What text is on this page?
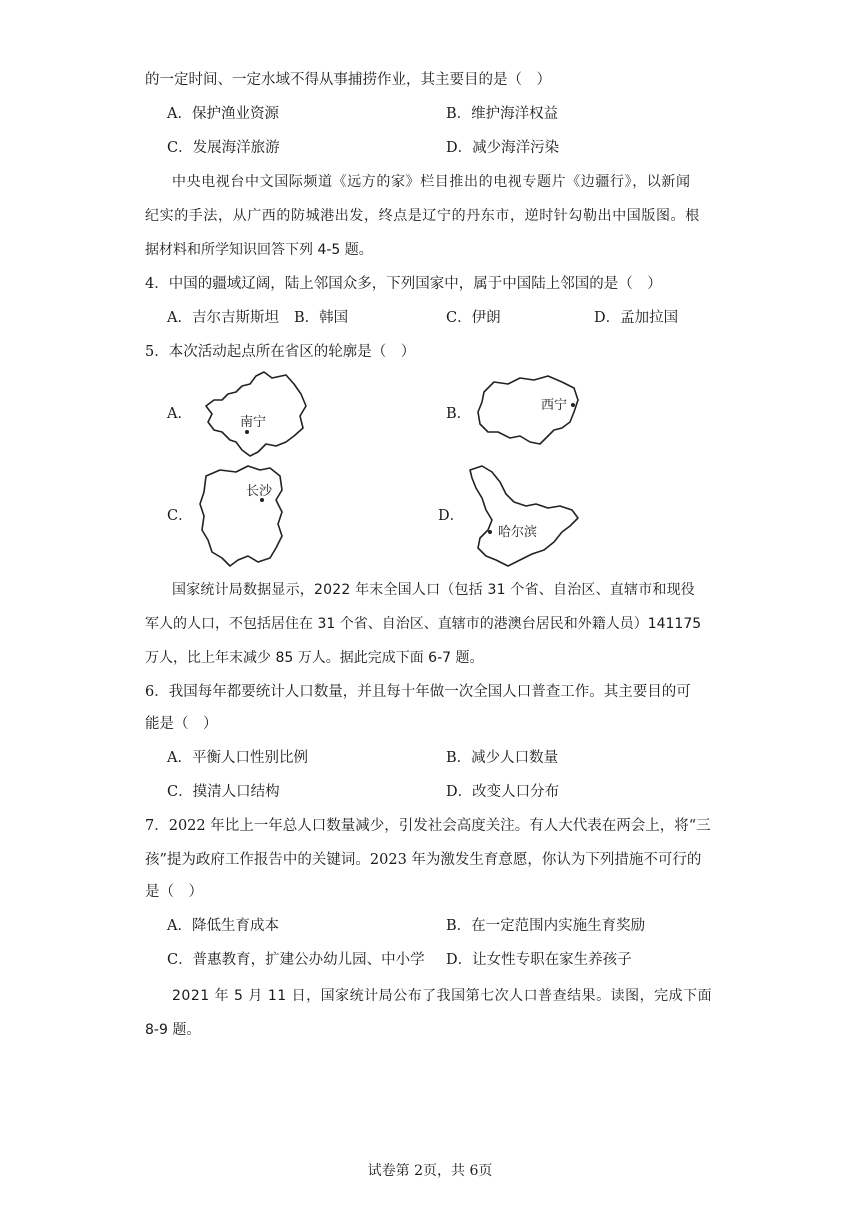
的一定时间、一定水域不得从事捕捞作业，其主要目的是（　）
A．保护渔业资源	B．维护海洋权益
C．发展海洋旅游	D．减少海洋污染
中央电视台中文国际频道《远方的家》栏目推出的电视专题片《边疆行》，以新闻
纪实的手法，从广西的防城港出发，终点是辽宁的丹东市，逆时针勾勒出中国版图。根
据材料和所学知识回答下列 4-5 题。
4．中国的疆域辽阔，陆上邻国众多，下列国家中，属于中国陆上邻国的是（　）
A．吉尔吉斯斯坦 B．韩国	C．伊朗	D．孟加拉国
5．本次活动起点所在省区的轮廓是（　）
A．
南宁
B．
西宁
C．
长沙
D．
哈尔滨
国家统计局数据显示，2022 年末全国人口（包括 31 个省、自治区、直辖市和现役
军人的人口，不包括居住在 31 个省、自治区、直辖市的港澳台居民和外籍人员）141175
万人，比上年末减少 85 万人。据此完成下面 6-7 题。
6．我国每年都要统计人口数量，并且每十年做一次全国人口普查工作。其主要目的可
能是（　）
A．平衡人口性别比例	B．减少人口数量
C．摸清人口结构	D．改变人口分布
7．2022 年比上一年总人口数量减少，引发社会高度关注。有人大代表在两会上，将“三
孩”提为政府工作报告中的关键词。2023 年为激发生育意愿，你认为下列措施不可行的
是（　）
A．降低生育成本	B．在一定范围内实施生育奖励
C．普惠教育，扩建公办幼儿园、中小学 D．让女性专职在家生养孩子
2021 年 5 月 11 日，国家统计局公布了我国第七次人口普查结果。读图，完成下面
8-9 题。
试卷第 2页，共 6页
